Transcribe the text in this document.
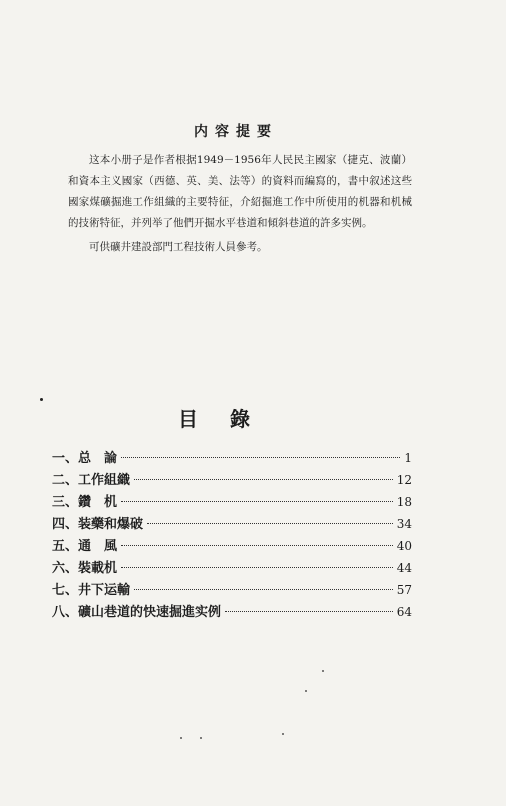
内容提要

这本小册子是作者根据1949－1956年人民民主國家（捷克、波蘭）和資本主义國家（西德、英、美、法等）的資料而編寫的，書中叙述这些國家煤礦掘進工作組織的主要特征，介紹掘進工作中所使用的机器和机械的技術特征，并列举了他們开掘水平巷道和傾斜巷道的許多实例。

可供礦井建設部門工程技術人員參考。

目錄
一、总　論	1
二、工作組織	12
三、鑽　机	18
四、装藥和爆破	34
五、通　風	40
六、裝載机	44
七、井下运輸	57
八、礦山巷道的快速掘進实例	64
